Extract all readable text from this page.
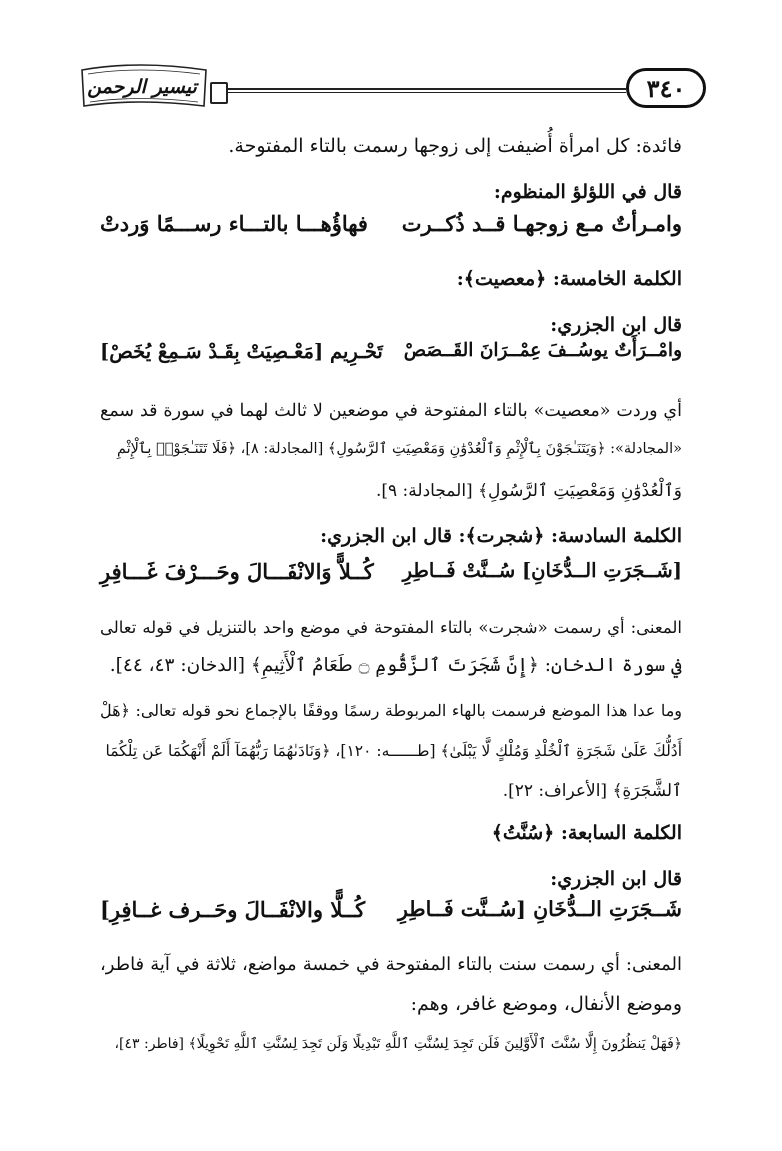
٣٤٠
تيسير الرحمن
فائدة: كل امرأة أُضيفت إلى زوجها رسمت بالتاء المفتوحة.
قال في اللؤلؤ المنظوم:
وامـرأتٌ مـع زوجهـا قــد ذُكــرت
فهاؤُهـــا بالتـــاء رســـمًا وَردتْ
الكلمة الخامسة: ﴿معصيت﴾:
قال ابن الجزري:
وامْــرَأَتٌ يوسُــفَ عِمْــرَانَ القَــصَصْ
تَحْـرِيم [مَعْـصِيَتْ بِقَـدْ سَـمِعْ يُخَصْ]
أي وردت «معصيت» بالتاء المفتوحة في موضعين لا ثالث لهما في سورة قد سمع
«المجادلة»: ﴿وَيَتَنَـٰجَوْنَ بِٱلْإِثْمِ وَٱلْعُدْوَٰنِ وَمَعْصِيَتِ ٱلرَّسُولِ﴾ [المجادلة: ٨]، ﴿فَلَا تَتَنَـٰجَوْا۟ بِٱلْإِثْمِ
وَٱلْعُدْوَٰنِ وَمَعْصِيَتِ ٱلرَّسُولِ﴾ [المجادلة: ٩].
الكلمة السادسة: ﴿شجرت﴾: قال ابن الجزري:
[شَــجَرَتِ الــدُّخَانِ] سُــنَّتْ فَــاطِرِ
كُــلاًّ وَالانْفَـــالَ وحَـــرْفَ غَـــافِرِ
المعنى: أي رسمت «شجرت» بالتاء المفتوحة في موضع واحد بالتنزيل في قوله تعالى
في سورة الدخان: ﴿إِنَّ شَجَرَتَ ٱلزَّقُّومِ ۝ طَعَامُ ٱلْأَثِيمِ﴾ [الدخان: ٤٣، ٤٤].
وما عدا هذا الموضع فرسمت بالهاء المربوطة رسمًا ووقفًا بالإجماع نحو قوله تعالى: ﴿هَلْ
أَدُلُّكَ عَلَىٰ شَجَرَةِ ٱلْخُلْدِ وَمُلْكٍ لَّا يَبْلَىٰ﴾ [طــــــه: ١٢٠]، ﴿وَنَادَىٰهُمَا رَبُّهُمَآ أَلَمْ أَنْهَكُمَا عَن تِلْكُمَا
ٱلشَّجَرَةِ﴾ [الأعراف: ٢٢].
الكلمة السابعة: ﴿سُنَّتُ﴾
قال ابن الجزري:
شَــجَرَتِ الــدُّخَانِ [سُــنَّت فَــاطِرِ
كُــلًّا والانْفَــالَ وحَــرف غــافِرِ]
المعنى: أي رسمت سنت بالتاء المفتوحة في خمسة مواضع، ثلاثة في آية فاطر،
وموضع الأنفال، وموضع غافر، وهم:
﴿فَهَلْ يَنظُرُونَ إِلَّا سُنَّتَ ٱلْأَوَّلِينَ فَلَن تَجِدَ لِسُنَّتِ ٱللَّهِ تَبْدِيلًا وَلَن تَجِدَ لِسُنَّتِ ٱللَّهِ تَحْوِيلًا﴾ [فاطر: ٤٣]،
